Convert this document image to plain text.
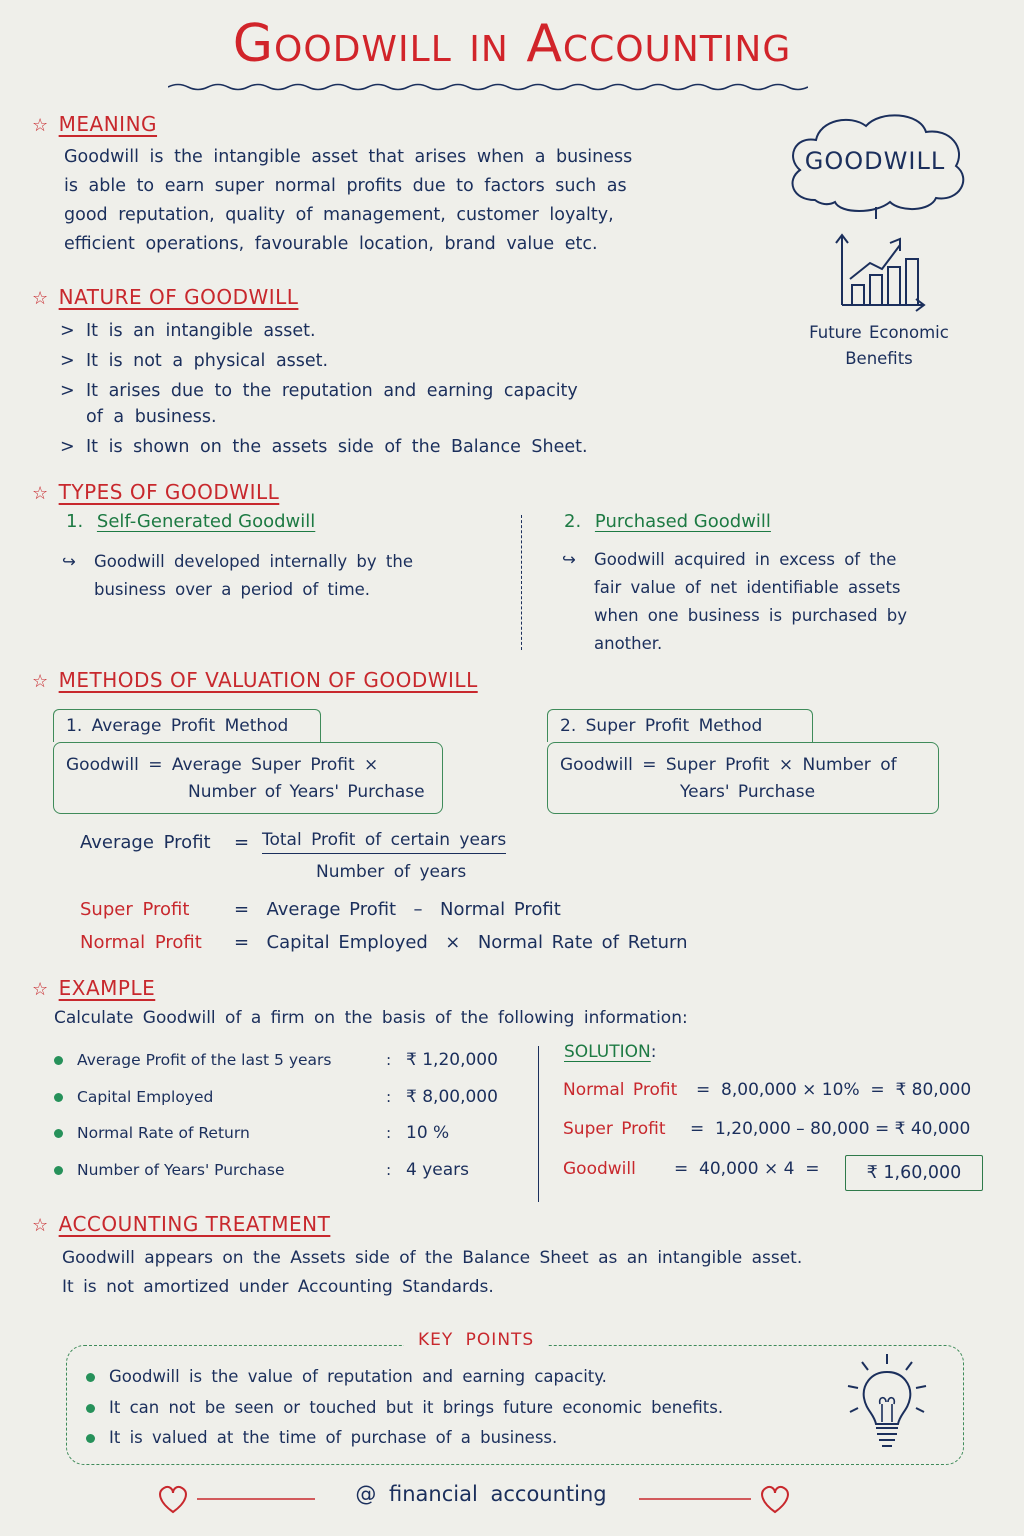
Goodwill in Accounting
☆ MEANING
Goodwill is the intangible asset that arises when a business
is able to earn super normal profits due to factors such as
good reputation, quality of management, customer loyalty,
efficient operations, favourable location, brand value etc.
GOODWILL
Future Economic
Benefits
☆ NATURE OF GOODWILL
> It is an intangible asset.
> It is not a physical asset.
> It arises due to the reputation and earning capacity
of a business.
> It is shown on the assets side of the Balance Sheet.
☆ TYPES OF GOODWILL
1. Self-Generated Goodwill
↪ Goodwill developed internally by the
business over a period of time.
2. Purchased Goodwill
↪ Goodwill acquired in excess of the
fair value of net identifiable assets
when one business is purchased by
another.
☆ METHODS OF VALUATION OF GOODWILL
1. Average Profit Method
Goodwill = Average Super Profit ×
Number of Years' Purchase
2. Super Profit Method
Goodwill = Super Profit × Number of
Years' Purchase
Average Profit = Total Profit of certain years
Number of years
Super Profit =  Average Profit  –  Normal Profit
Normal Profit =  Capital Employed  ×  Normal Rate of Return
☆ EXAMPLE
Calculate Goodwill of a firm on the basis of the following information:
Average Profit of the last 5 years	: ₹ 1,20,000
Capital Employed	: ₹ 8,00,000
Normal Rate of Return	: 10 %
Number of Years' Purchase	: 4 years
SOLUTION:
Normal Profit =  8,00,000 × 10%  =  ₹ 80,000
Super Profit =  1,20,000 – 80,000 = ₹ 40,000
Goodwill =  40,000 × 4  =	₹ 1,60,000
☆ ACCOUNTING TREATMENT
Goodwill appears on the Assets side of the Balance Sheet as an intangible asset.
It is not amortized under Accounting Standards.
KEY POINTS
Goodwill is the value of reputation and earning capacity.
It can not be seen or touched but it brings future economic benefits.
It is valued at the time of purchase of a business.
@ financial accounting
